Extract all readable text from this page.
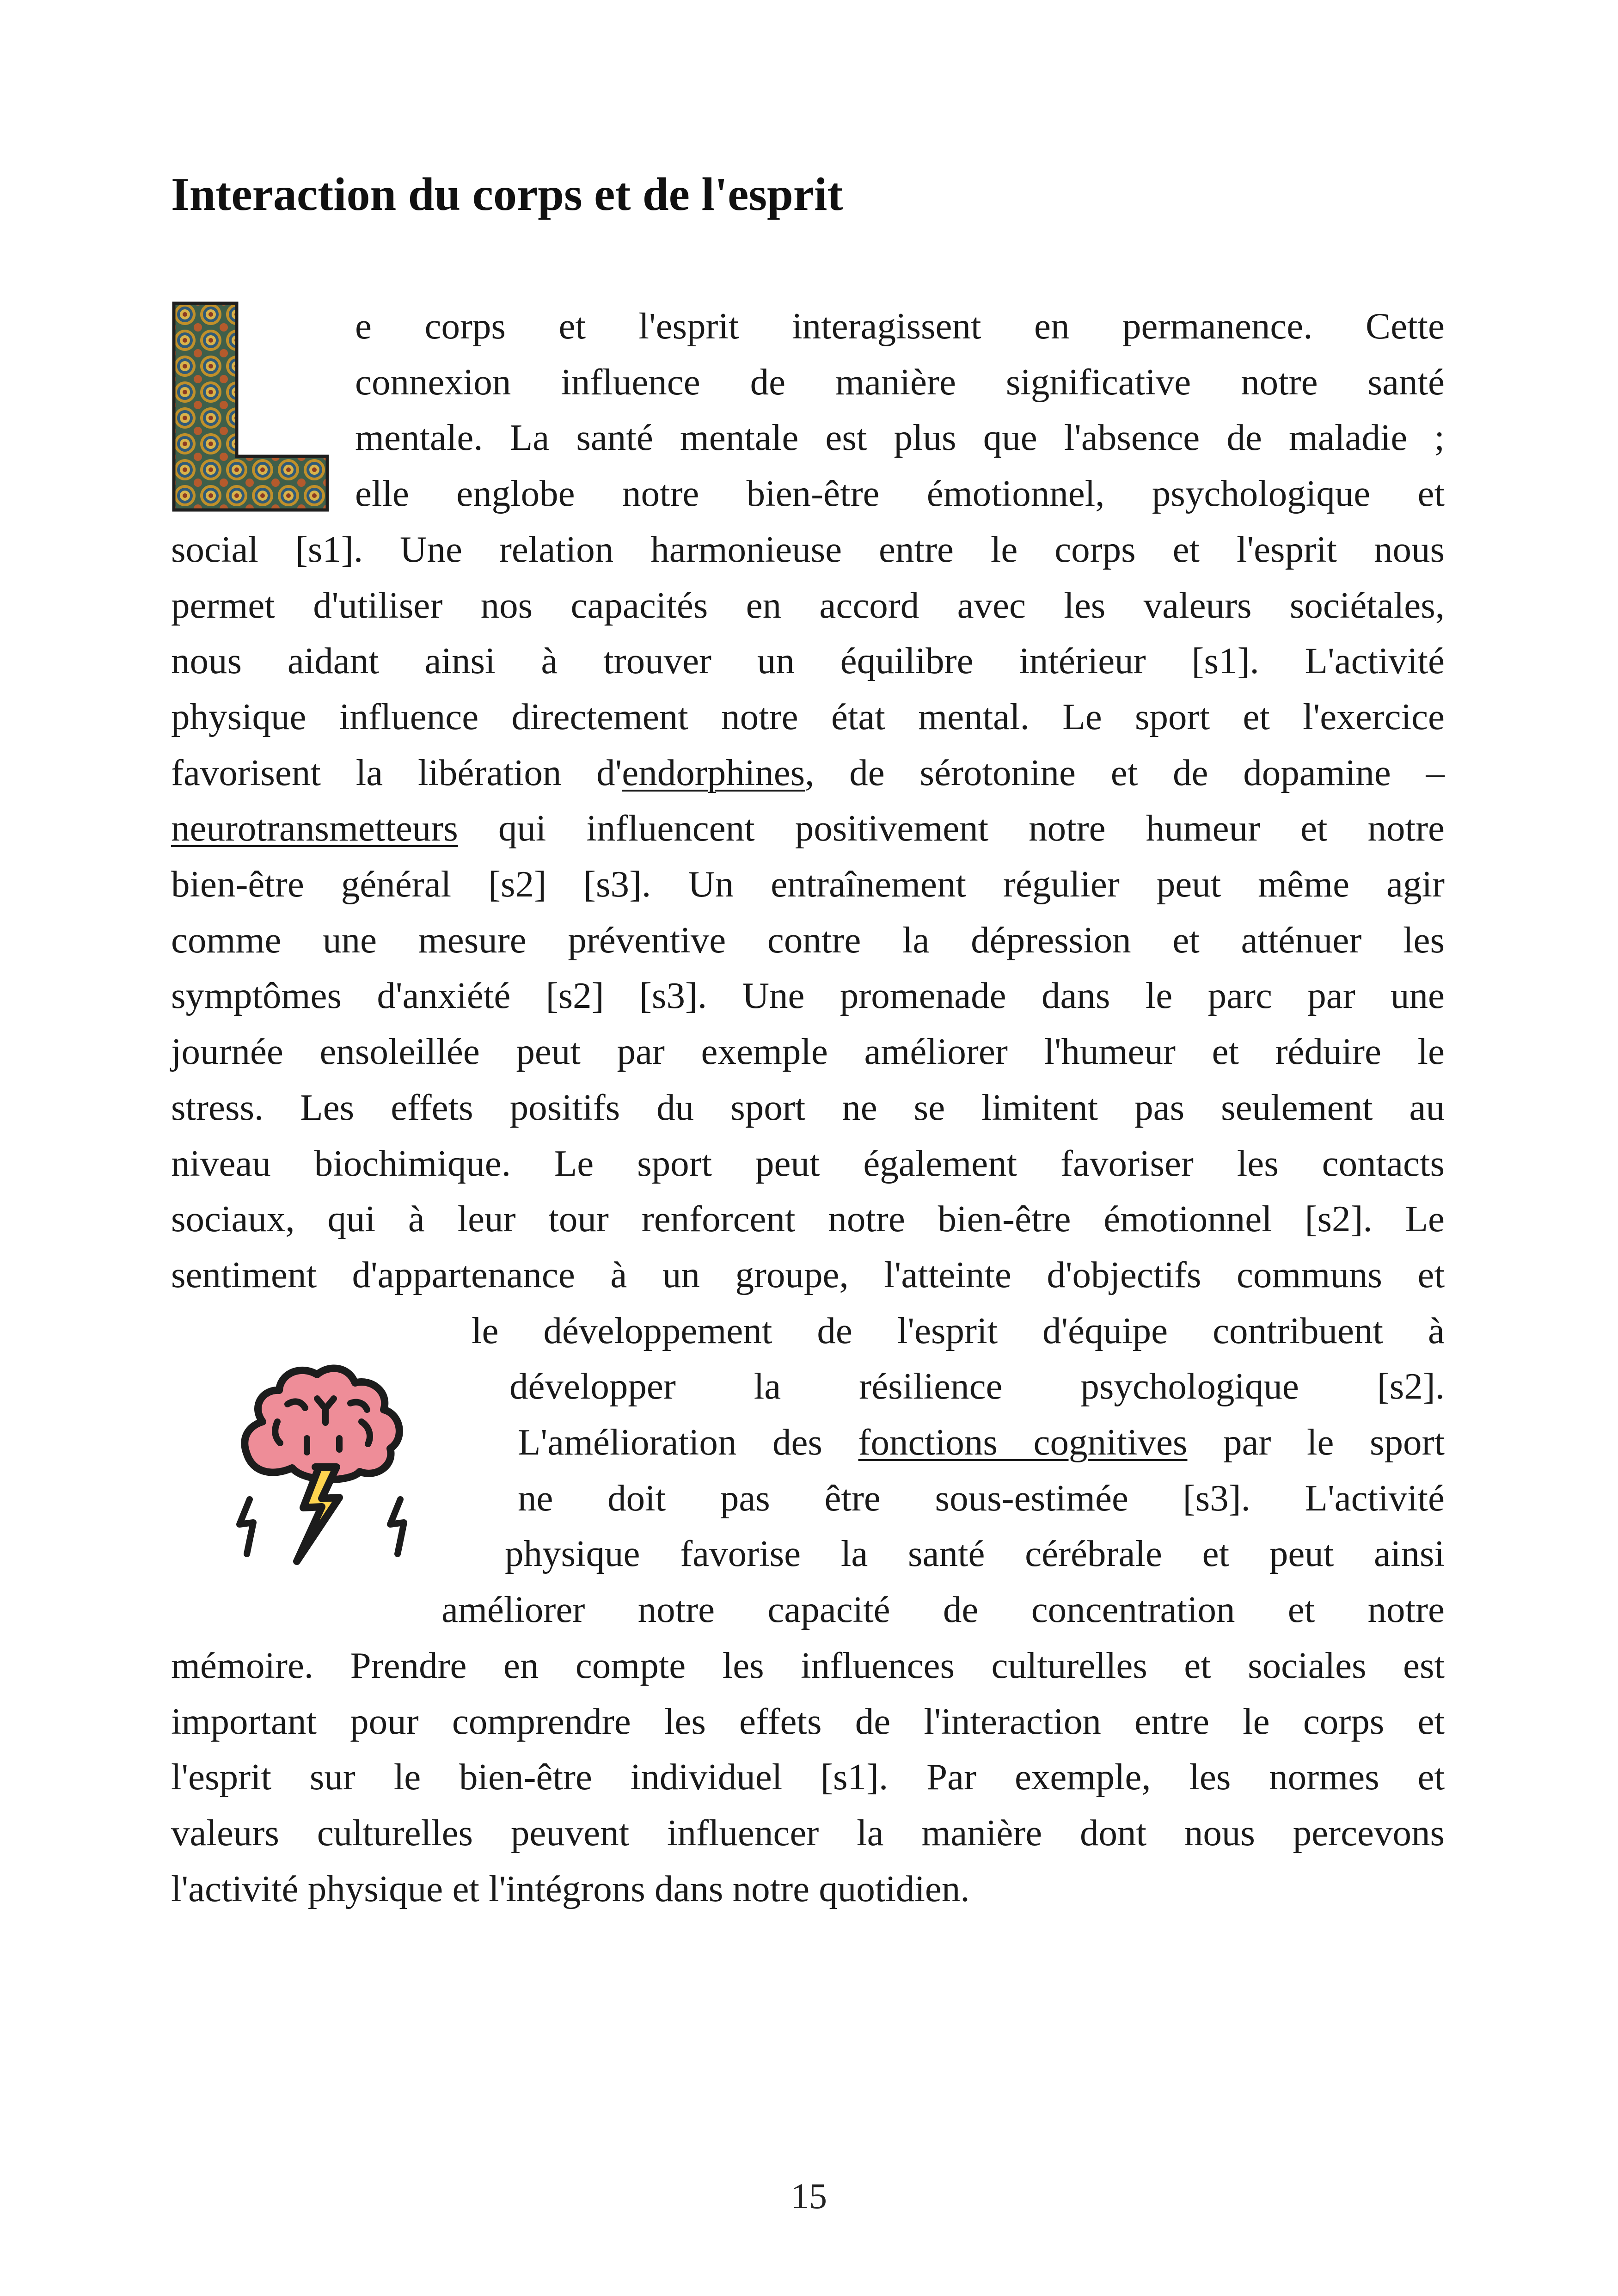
Interaction du corps et de l'esprit
e corps et l'esprit interagissent en permanence. Cette
connexion influence de manière significative notre santé
mentale. La santé mentale est plus que l'absence de maladie ;
elle englobe notre bien-être émotionnel, psychologique et
social [s1]. Une relation harmonieuse entre le corps et l'esprit nous
permet d'utiliser nos capacités en accord avec les valeurs sociétales,
nous aidant ainsi à trouver un équilibre intérieur [s1]. L'activité
physique influence directement notre état mental. Le sport et l'exercice
favorisent la libération d'endorphines, de sérotonine et de dopamine –
neurotransmetteurs qui influencent positivement notre humeur et notre
bien-être général [s2] [s3]. Un entraînement régulier peut même agir
comme une mesure préventive contre la dépression et atténuer les
symptômes d'anxiété [s2] [s3]. Une promenade dans le parc par une
journée ensoleillée peut par exemple améliorer l'humeur et réduire le
stress. Les effets positifs du sport ne se limitent pas seulement au
niveau biochimique. Le sport peut également favoriser les contacts
sociaux, qui à leur tour renforcent notre bien-être émotionnel [s2]. Le
sentiment d'appartenance à un groupe, l'atteinte d'objectifs communs et
le développement de l'esprit d'équipe contribuent à
développer la résilience psychologique [s2].
L'amélioration des fonctions cognitives par le sport
ne doit pas être sous-estimée [s3]. L'activité
physique favorise la santé cérébrale et peut ainsi
améliorer notre capacité de concentration et notre
mémoire. Prendre en compte les influences culturelles et sociales est
important pour comprendre les effets de l'interaction entre le corps et
l'esprit sur le bien-être individuel [s1]. Par exemple, les normes et
valeurs culturelles peuvent influencer la manière dont nous percevons
l'activité physique et l'intégrons dans notre quotidien.
15
